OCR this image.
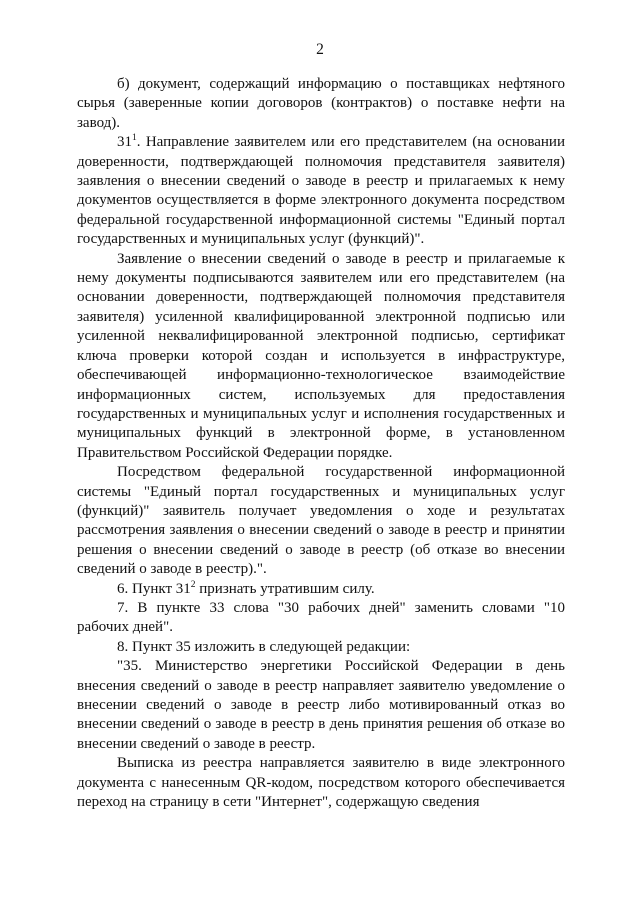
2

б) документ, содержащий информацию о поставщиках нефтяного сырья (заверенные копии договоров (контрактов) о поставке нефти на завод).

$31^1$. Направление заявителем или его представителем (на основании доверенности, подтверждающей полномочия представителя заявителя) заявления о внесении сведений о заводе в реестр и прилагаемых к нему документов осуществляется в форме электронного документа посредством федеральной государственной информационной системы "Единый портал государственных и муниципальных услуг (функций)".

Заявление о внесении сведений о заводе в реестр и прилагаемые к нему документы подписываются заявителем или его представителем (на основании доверенности, подтверждающей полномочия представителя заявителя) усиленной квалифицированной электронной подписью или усиленной неквалифицированной электронной подписью, сертификат ключа проверки которой создан и используется в инфраструктуре, обеспечивающей информационно-технологическое взаимодействие информационных систем, используемых для предоставления государственных и муниципальных услуг и исполнения государственных и муниципальных функций в электронной форме, в установленном Правительством Российской Федерации порядке.

Посредством федеральной государственной информационной системы "Единый портал государственных и муниципальных услуг (функций)" заявитель получает уведомления о ходе и результатах рассмотрения заявления о внесении сведений о заводе в реестр и принятии решения о внесении сведений о заводе в реестр (об отказе во внесении сведений о заводе в реестр).".

6. Пункт $31^2$ признать утратившим силу.

7. В пункте 33 слова "30 рабочих дней" заменить словами "10 рабочих дней".

8. Пункт 35 изложить в следующей редакции:

"35. Министерство энергетики Российской Федерации в день внесения сведений о заводе в реестр направляет заявителю уведомление о внесении сведений о заводе в реестр либо мотивированный отказ во внесении сведений о заводе в реестр в день принятия решения об отказе во внесении сведений о заводе в реестр.

Выписка из реестра направляется заявителю в виде электронного документа с нанесенным QR-кодом, посредством которого обеспечивается переход на страницу в сети "Интернет", содержащую сведения
